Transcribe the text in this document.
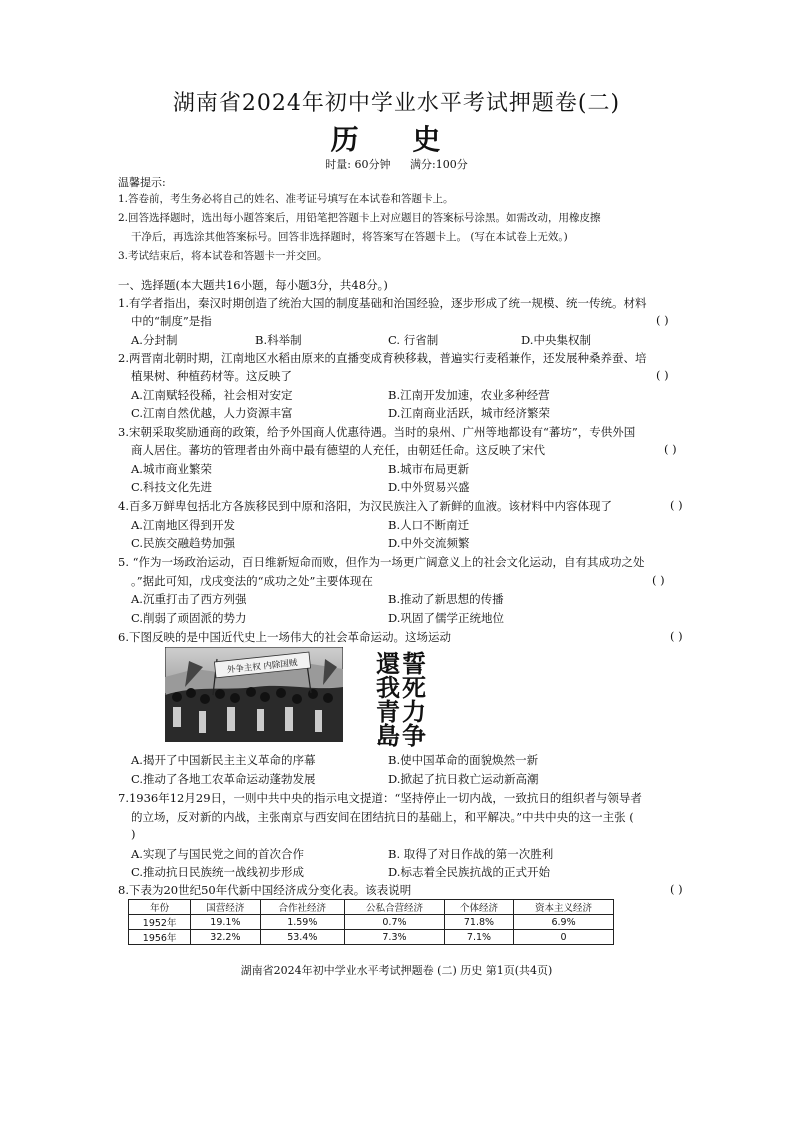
湖南省2024年初中学业水平考试押题卷(二)
历 史
时量: 60分钟 满分:100分
温馨提示:
1.答卷前，考生务必将自己的姓名、准考证号填写在本试卷和答题卡上。
2.回答选择题时，选出每小题答案后，用铅笔把答题卡上对应题目的答案标号涂黑。如需改动，用橡皮擦
干净后，再选涂其他答案标号。回答非选择题时，将答案写在答题卡上。 (写在本试卷上无效。)
3.考试结束后，将本试卷和答题卡一并交回。
一、选择题(本大题共16小题，每小题3分，共48分。)
1.有学者指出，秦汉时期创造了统治大国的制度基础和治国经验，逐步形成了统一规模、统一传统。材料
中的“制度”是指	( )
A.分封制	B.科举制	C. 行省制	D.中央集权制
2.两晋南北朝时期，江南地区水稻由原来的直播变成育秧移栽，普遍实行麦稻兼作，还发展种桑养蚕、培
植果树、种植药材等。这反映了	( )
A.江南赋轻役稀，社会相对安定	B.江南开发加速，农业多种经营
C.江南自然优越，人力资源丰富	D.江南商业活跃，城市经济繁荣
3.宋朝采取奖励通商的政策，给予外国商人优惠待遇。当时的泉州、广州等地都设有“蕃坊”，专供外国
商人居住。蕃坊的管理者由外商中最有德望的人充任，由朝廷任命。这反映了宋代	( )
A.城市商业繁荣	B.城市布局更新
C.科技文化先进	D.中外贸易兴盛
4.百多万鲜卑包括北方各族移民到中原和洛阳，为汉民族注入了新鲜的血液。该材料中内容体现了	( )
A.江南地区得到开发	B.人口不断南迁
C.民族交融趋势加强	D.中外交流频繁
5. “作为一场政治运动，百日维新短命而败，但作为一场更广阔意义上的社会文化运动，自有其成功之处
。”据此可知，戊戌变法的“成功之处”主要体现在	( )
A.沉重打击了西方列强	B.推动了新思想的传播
C.削弱了顽固派的势力	D.巩固了儒学正统地位
6.下图反映的是中国近代史上一场伟大的社会革命运动。这场运动	( )
外争主权 内除国贼	還
我
青
島
誓
死
力
争
A.揭开了中国新民主主义革命的序幕	B.使中国革命的面貌焕然一新
C.推动了各地工农革命运动蓬勃发展	D.掀起了抗日救亡运动新高潮
7.1936年12月29日，一则中共中央的指示电文提道：“坚持停止一切内战，一致抗日的组织者与领导者
的立场，反对新的内战，主张南京与西安间在团结抗日的基础上，和平解决。”中共中央的这一主张 (
)
A.实现了与国民党之间的首次合作	B. 取得了对日作战的第一次胜利
C.推动抗日民族统一战线初步形成	D.标志着全民族抗战的正式开始
8.下表为20世纪50年代新中国经济成分变化表。该表说明	( )
年份	国营经济	合作社经济	公私合营经济	个体经济	资本主义经济
1952年	19.1%	1.59%	0.7%	71.8%	6.9%
1956年	32.2%	53.4%	7.3%	7.1%	0
湖南省2024年初中学业水平考试押题卷 (二) 历史 第1页(共4页)
